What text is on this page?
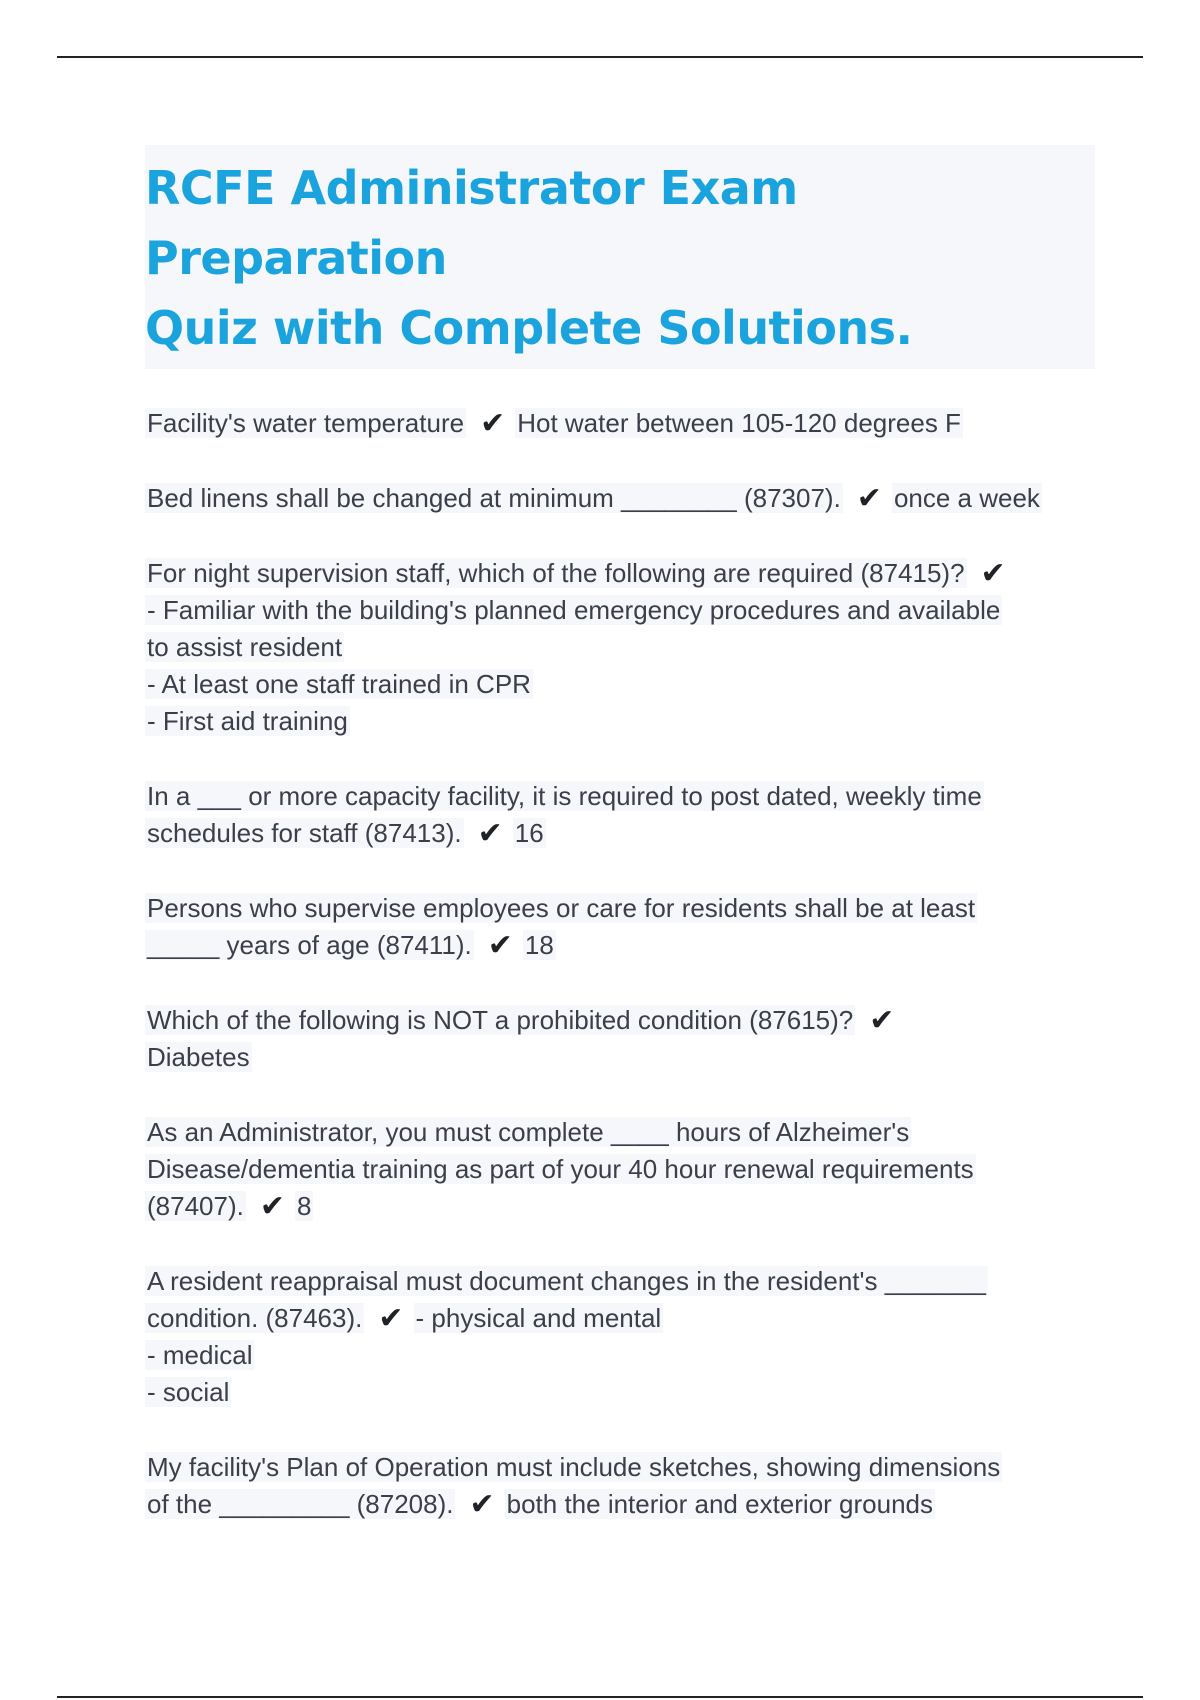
RCFE Administrator Exam Preparation
Quiz with Complete Solutions.
Facility's water temperature ✔ Hot water between 105-120 degrees F
Bed linens shall be changed at minimum ________ (87307). ✔ once a week
For night supervision staff, which of the following are required (87415)? ✔
- Familiar with the building's planned emergency procedures and available
to assist resident
- At least one staff trained in CPR
- First aid training
In a ___ or more capacity facility, it is required to post dated, weekly time
schedules for staff (87413). ✔ 16
Persons who supervise employees or care for residents shall be at least
_____ years of age (87411). ✔ 18
Which of the following is NOT a prohibited condition (87615)? ✔
Diabetes
As an Administrator, you must complete ____ hours of Alzheimer's
Disease/dementia training as part of your 40 hour renewal requirements
(87407). ✔ 8
A resident reappraisal must document changes in the resident's _______
condition. (87463). ✔ - physical and mental
- medical
- social
My facility's Plan of Operation must include sketches, showing dimensions
of the _________ (87208). ✔ both the interior and exterior grounds
